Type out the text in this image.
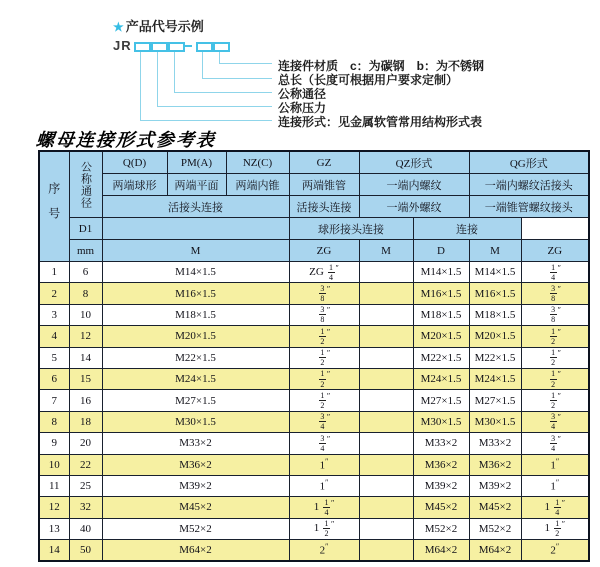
★ 产品代号示例
JR
连接件材质　c：为碳钢　b：为不锈钢
总长（长度可根据用户要求定制）
公称通径
公称压力
连接形式：见金属软管常用结构形式表
螺母连接形式参考表
序号	公称通径	Q(D)	PM(A)	NZ(C)	GZ	QZ形式		QG形式	
		两端球形	两端平面	两端内锥	两端锥管	一端内螺纹		一端内螺纹活接头	
		活接头连接			活接头连接	一端外螺纹		一端锥管螺纹接头	
	D1				球形接头连接		连接		
	mm	M			ZG	M	D	M	ZG
1	6	M14×1.5			ZG $\frac{1}{4} ''$		M14×1.5	M14×1.5	$\frac{1}{4} ''$
2	8	M16×1.5			$\frac{3}{8} ''$		M16×1.5	M16×1.5	$\frac{3}{8} ''$
3	10	M18×1.5			$\frac{3}{8} ''$		M18×1.5	M18×1.5	$\frac{3}{8} ''$
4	12	M20×1.5			$\frac{1}{2} ''$		M20×1.5	M20×1.5	$\frac{1}{2} ''$
5	14	M22×1.5			$\frac{1}{2} ''$		M22×1.5	M22×1.5	$\frac{1}{2} ''$
6	15	M24×1.5			$\frac{1}{2} ''$		M24×1.5	M24×1.5	$\frac{1}{2} ''$
7	16	M27×1.5			$\frac{1}{2} ''$		M27×1.5	M27×1.5	$\frac{1}{2} ''$
8	18	M30×1.5			$\frac{3}{4} ''$		M30×1.5	M30×1.5	$\frac{3}{4} ''$
9	20	M33×2			$\frac{3}{4} ''$		M33×2	M33×2	$\frac{3}{4} ''$
10	22	M36×2			1″		M36×2	M36×2	1″
11	25	M39×2			1″		M39×2	M39×2	1″
12	32	M45×2			$1 \frac{1}{4} ''$		M45×2	M45×2	$1 \frac{1}{4} ''$
13	40	M52×2			$1 \frac{1}{2} ''$		M52×2	M52×2	$1 \frac{1}{2} ''$
14	50	M64×2			2″		M64×2	M64×2	2″
